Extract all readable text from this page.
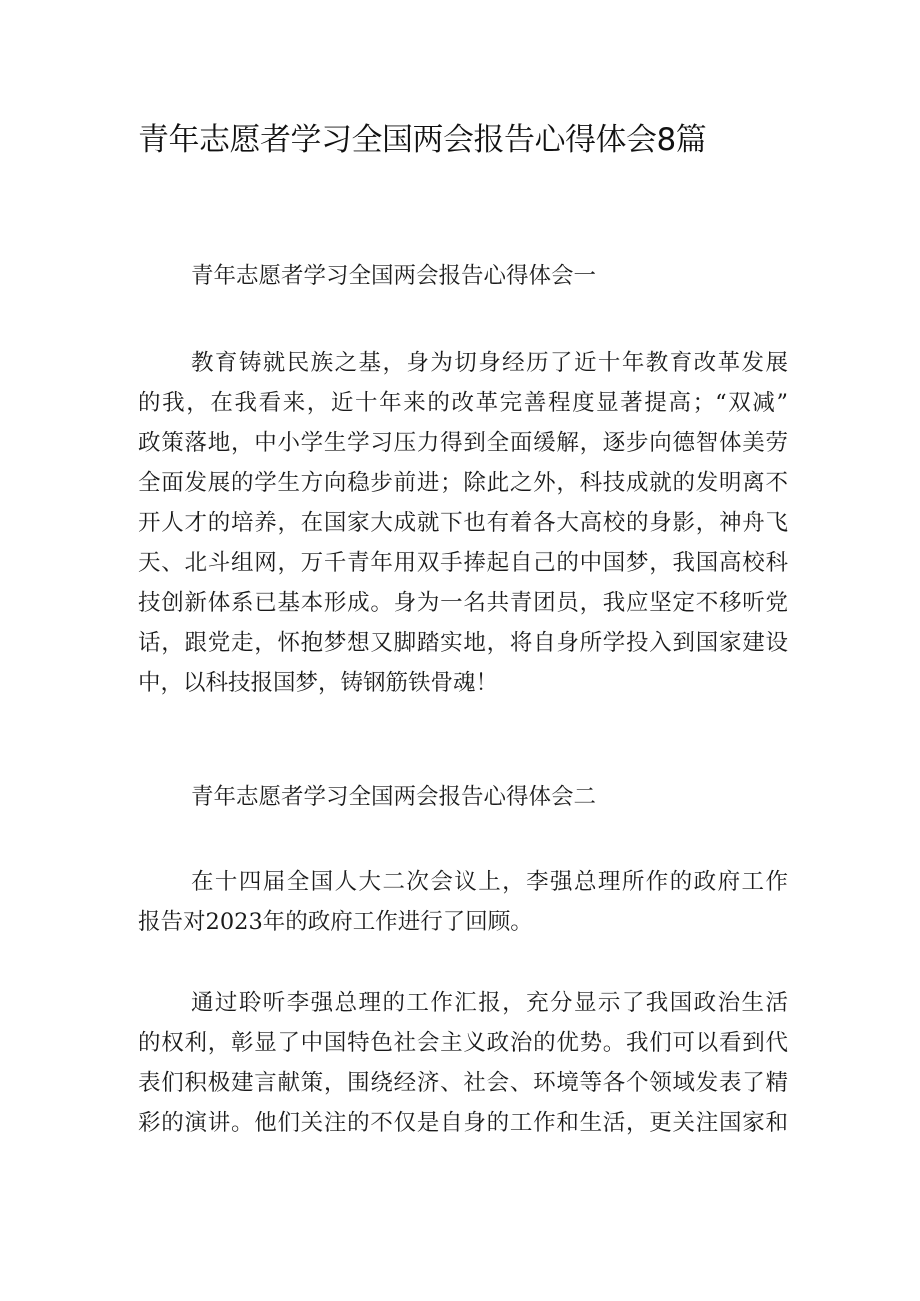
青年志愿者学习全国两会报告心得体会8篇
青年志愿者学习全国两会报告心得体会一
教育铸就民族之基，身为切身经历了近十年教育改革发展
的我，在我看来，近十年来的改革完善程度显著提高；“双减”
政策落地，中小学生学习压力得到全面缓解，逐步向德智体美劳
全面发展的学生方向稳步前进；除此之外，科技成就的发明离不
开人才的培养，在国家大成就下也有着各大高校的身影，神舟飞
天、北斗组网，万千青年用双手捧起自己的中国梦，我国高校科
技创新体系已基本形成。身为一名共青团员，我应坚定不移听党
话，跟党走，怀抱梦想又脚踏实地，将自身所学投入到国家建设
中，以科技报国梦，铸钢筋铁骨魂！
青年志愿者学习全国两会报告心得体会二
在十四届全国人大二次会议上，李强总理所作的政府工作
报告对2023年的政府工作进行了回顾。
通过聆听李强总理的工作汇报，充分显示了我国政治生活
的权利，彰显了中国特色社会主义政治的优势。我们可以看到代
表们积极建言献策，围绕经济、社会、环境等各个领域发表了精
彩的演讲。他们关注的不仅是自身的工作和生活，更关注国家和
